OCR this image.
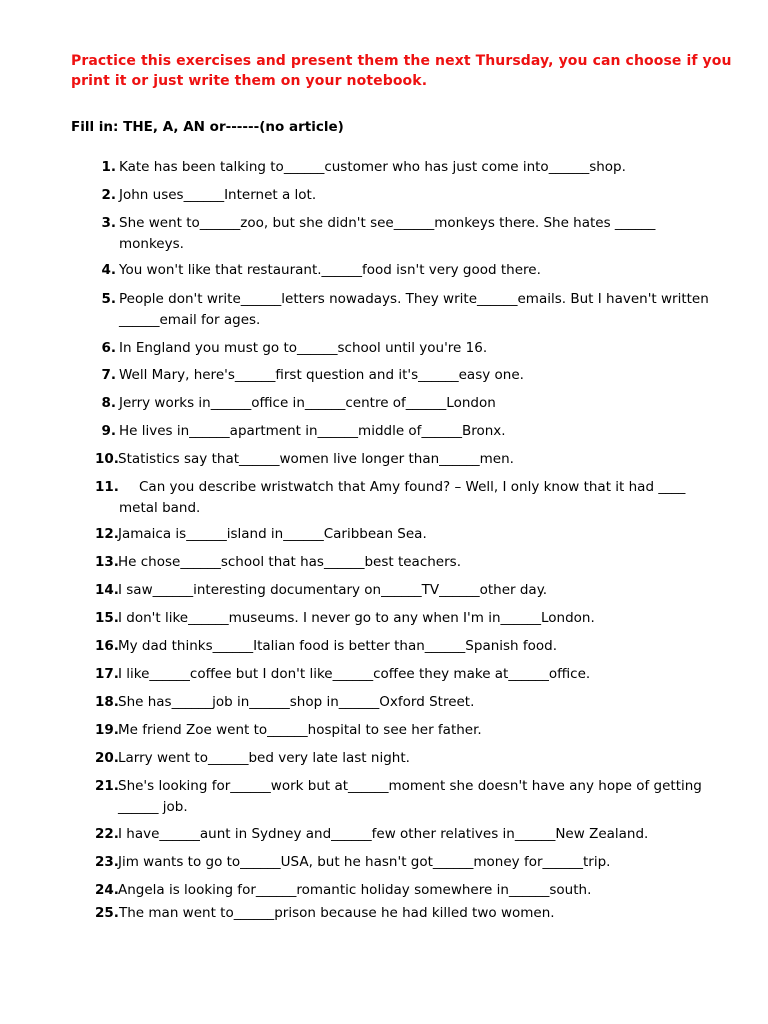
Practice this exercises and present them the next Thursday, you can choose if you print it or just write them on your notebook.
Fill in: THE, A, AN or------(no article)
1. Kate has been talking to______customer who has just come into______shop.
2. John uses______Internet a lot.
3. She went to______zoo, but she didn't see______monkeys there. She hates ______ monkeys.
4. You won't like that restaurant.______food isn't very good there.
5. People don't write______letters nowadays. They write______emails. But I haven't written ______email for ages.
6. In England you must go to______school until you're 16.
7. Well Mary, here's______first question and it's______easy one.
8. Jerry works in______office in______centre of______London
9. He lives in______apartment in______middle of______Bronx.
10. Statistics say that______women live longer than______men.
11.	Can you describe wristwatch that Amy found? – Well, I only know that it had ____ metal band.
12. Jamaica is______island in______Caribbean Sea.
13. He chose______school that has______best teachers.
14. I saw______interesting documentary on______TV______other day.
15. I don't like______museums. I never go to any when I'm in______London.
16. My dad thinks______Italian food is better than______Spanish food.
17. I like______coffee but I don't like______coffee they make at______office.
18. She has______job in______shop in______Oxford Street.
19. Me friend Zoe went to______hospital to see her father.
20. Larry went to______bed very late last night.
21. She's looking for______work but at______moment she doesn't have any hope of getting ______ job.
22. I have______aunt in Sydney and______few other relatives in______New Zealand.
23. Jim wants to go to______USA, but he hasn't got______money for______trip.
24. Angela is looking for______romantic holiday somewhere in______south.
25. The man went to______prison because he had killed two women.
